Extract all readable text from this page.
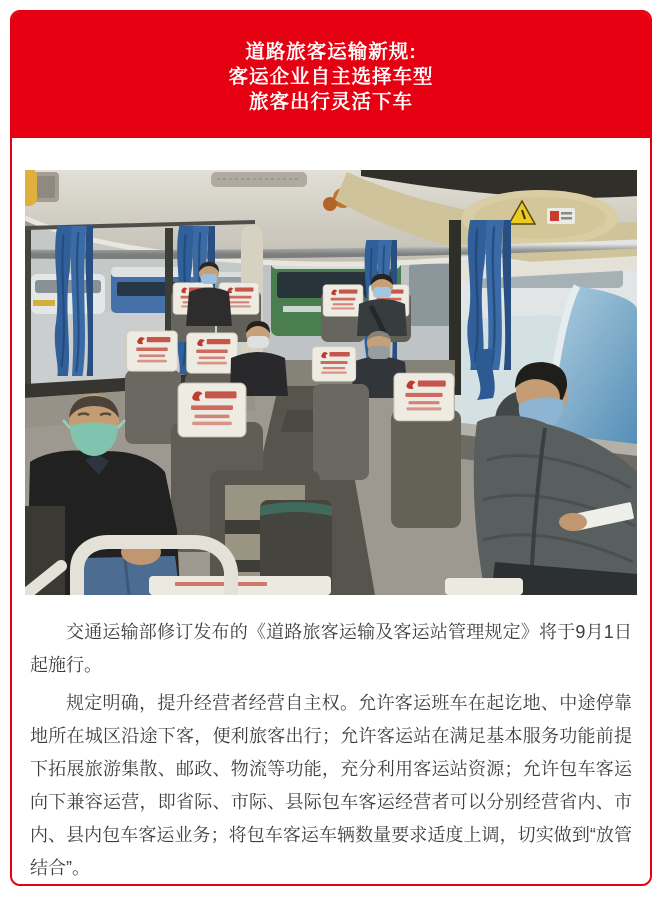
道路旅客运输新规:
客运企业自主选择车型
旅客出行灵活下车

交通运输部修订发布的《道路旅客运输及客运站管理规定》将于9月1日起施行。

规定明确，提升经营者经营自主权。允许客运班车在起讫地、中途停靠地所在城区沿途下客，便利旅客出行；允许客运站在满足基本服务功能前提下拓展旅游集散、邮政、物流等功能，充分利用客运站资源；允许包车客运向下兼容运营，即省际、市际、县际包车客运经营者可以分别经营省内、市内、县内包车客运业务；将包车客运车辆数量要求适度上调，切实做到“放管结合”。
